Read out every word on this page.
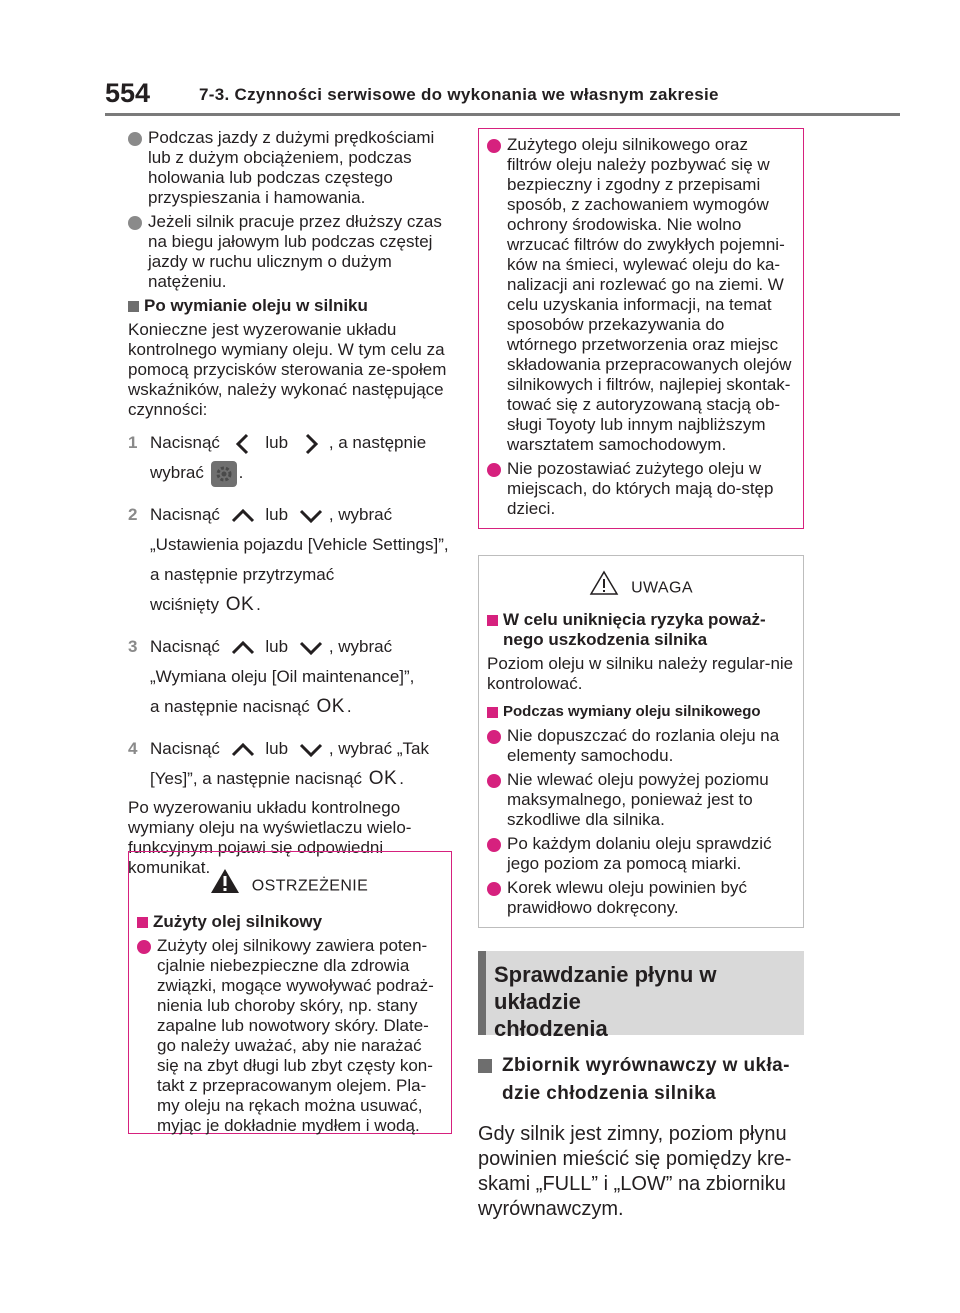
554	7-3. Czynności serwisowe do wykonania we własnym zakresie
Podczas jazdy z dużymi prędkościami lub z dużym obciążeniem, podczas holowania lub podczas częstego przyspieszania i hamowania.
Jeżeli silnik pracuje przez dłuższy czas na biegu jałowym lub podczas częstej jazdy w ruchu ulicznym o dużym natężeniu.
Po wymianie oleju w silniku

Konieczne jest wyzerowanie układu kontrolnego wymiany oleju. W tym celu za pomocą przycisków sterowania ze-społem wskaźników, należy wykonać następujące czynności:

1 Nacisnąć	lub , a następnie
wybrać .
2 Nacisnąć	lub , wybrać
„Ustawienia pojazdu [Vehicle Settings]”, a następnie przytrzymać
wciśnięty OK .
3 Nacisnąć	lub , wybrać
„Wymiana oleju [Oil maintenance]”,
a następnie nacisnąć OK .
4 Nacisnąć	lub , wybrać „Tak
[Yes]”, a następnie nacisnąć OK .

Po wyzerowaniu układu kontrolnego wymiany oleju na wyświetlaczu wielo-funkcyjnym pojawi się odpowiedni komunikat.

OSTRZEŻENIE
Zużyty olej silnikowy
Zużyty olej silnikowy zawiera poten-cjalnie niebezpieczne dla zdrowia związki, mogące wywoływać podraż-nienia lub choroby skóry, np. stany zapalne lub nowotwory skóry. Dlate-go należy uważać, aby nie narażać się na zbyt długi lub zbyt częsty kon-takt z przepracowanym olejem. Pla-my oleju na rękach można usuwać, myjąc je dokładnie mydłem i wodą.
Zużytego oleju silnikowego oraz filtrów oleju należy pozbywać się w bezpieczny i zgodny z przepisami sposób, z zachowaniem wymogów ochrony środowiska. Nie wolno wrzucać filtrów do zwykłych pojemni-ków na śmieci, wylewać oleju do ka-nalizacji ani rozlewać go na ziemi. W celu uzyskania informacji, na temat sposobów przekazywania do wtórnego przetworzenia oraz miejsc składowania przepracowanych olejów silnikowych i filtrów, najlepiej skontak-tować się z autoryzowaną stacją ob-sługi Toyoty lub innym najbliższym warsztatem samochodowym.
Nie pozostawiać zużytego oleju w miejscach, do których mają do-stęp dzieci.
UWAGA
W celu uniknięcia ryzyka poważ-nego uszkodzenia silnika

Poziom oleju w silniku należy regular-nie kontrolować.

Podczas wymiany oleju silnikowego
Nie dopuszczać do rozlania oleju na elementy samochodu.
Nie wlewać oleju powyżej poziomu maksymalnego, ponieważ jest to szkodliwe dla silnika.
Po każdym dolaniu oleju sprawdzić jego poziom za pomocą miarki.
Korek wlewu oleju powinien być prawidłowo dokręcony.
Sprawdzanie płynu w układzie
chłodzenia
Zbiornik wyrównawczy w ukła-dzie chłodzenia silnika
Gdy silnik jest zimny, poziom płynu powinien mieścić się pomiędzy kre-skami „FULL” i „LOW” na zbiorniku wyrównawczym.
